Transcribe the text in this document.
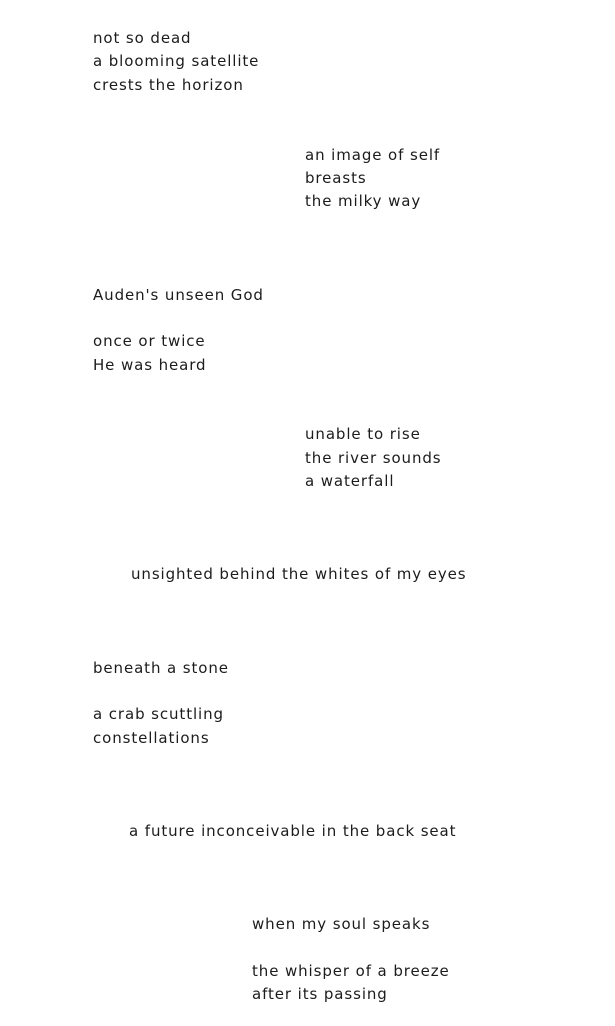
not so dead
a blooming satellite
crests the horizon
an image of self
breasts
the milky way
Auden's unseen God
once or twice
He was heard
unable to rise
the river sounds
a waterfall
unsighted behind the whites of my eyes
beneath a stone
a crab scuttling
constellations
a future inconceivable in the back seat
when my soul speaks
the whisper of a breeze
after its passing
